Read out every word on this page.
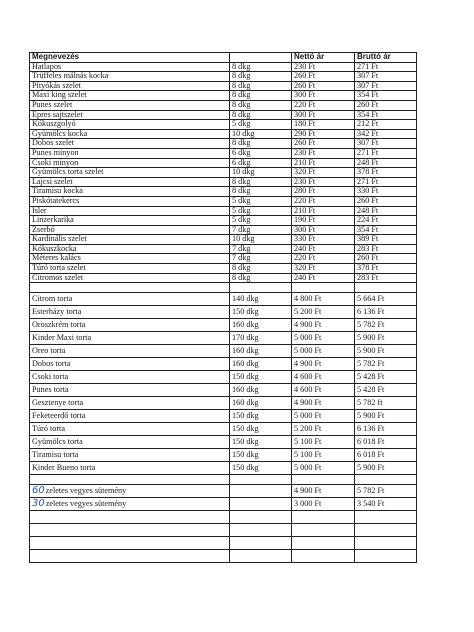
Megnevezés		Nettó ár	Bruttó ár
Hatlapos	8 dkg	230 Ft	271 Ft
Trüffeles málnás kocka	8 dkg	260 Ft	307 Ft
Pityókás szelet	8 dkg	260 Ft	307 Ft
Maxi king szelet	8 dkg	300 Ft	354 Ft
Punes szelet	8 dkg	220 Ft	260 Ft
Epres sajtszelet	8 dkg	300 Ft	354 Ft
Kókuszgolyó	5 dkg	180 Ft	212 Ft
Gyümölcs kocka	10 dkg	290 Ft	342 Ft
Dobos szelet	8 dkg	260 Ft	307 Ft
Punes minyon	6 dkg	230 Ft	271 Ft
Csoki minyon	6 dkg	210 Ft	248 Ft
Gyümölcs torta szelet	10 dkg	320 Ft	378 Ft
Lajcsi szelet	8 dkg	230 Ft	271 Ft
Tiramisu kocka	8 dkg	280 Ft	330 Ft
Piskótatekercs	5 dkg	220 Ft	260 Ft
Isler	5 dkg	210 Ft	248 Ft
Linzerkarika	5 dkg	190 Ft	224 Ft
Zserbó	7 dkg	300 Ft	354 Ft
Kardinális szelet	10 dkg	330 Ft	389 Ft
Kókuszkocka	7 dkg	240 Ft	283 Ft
Méteres kalács	7 dkg	220 Ft	260 Ft
Túró torta szelet	8 dkg	320 Ft	378 Ft
Citromos szelet	8 dkg	240 Ft	283 Ft

Citrom torta	140 dkg	4 800 Ft	5 664 Ft
Esterházy torta	150 dkg	5 200 Ft	6 136 Ft
Oroszkrém torta	160 dkg	4 900 Ft	5 782 Ft
Kinder Maxi torta	170 dkg	5 000 Ft	5 900 Ft
Oreo torta	160 dkg	5 000 Ft	5 900 Ft
Dobos torta	160 dkg	4 900 Ft	5 782 Ft
Csoki torta	150 dkg	4 600 Ft	5 428 Ft
Punes torta	160 dkg	4 600 Ft	5 428 Ft
Gesztenye torta	160 dkg	4 900 Ft	5 782 ft
Feketeerdő torta	150 dkg	5 000 Ft	5 900 Ft
Túró torta	150 dkg	5 200 Ft	6 136 Ft
Gyümölcs torta	150 dkg	5 100 Ft	6 018 Ft
Tiramisu torta	150 dkg	5 100 Ft	6 018 Ft
Kinder Bueno torta	150 dkg	5 000 Ft	5 900 Ft

60zeletes vegyes sütemény		4 900 Ft	5 782 Ft
30zeletes vegyes sütemény		3 000 Ft	3 540 Ft
